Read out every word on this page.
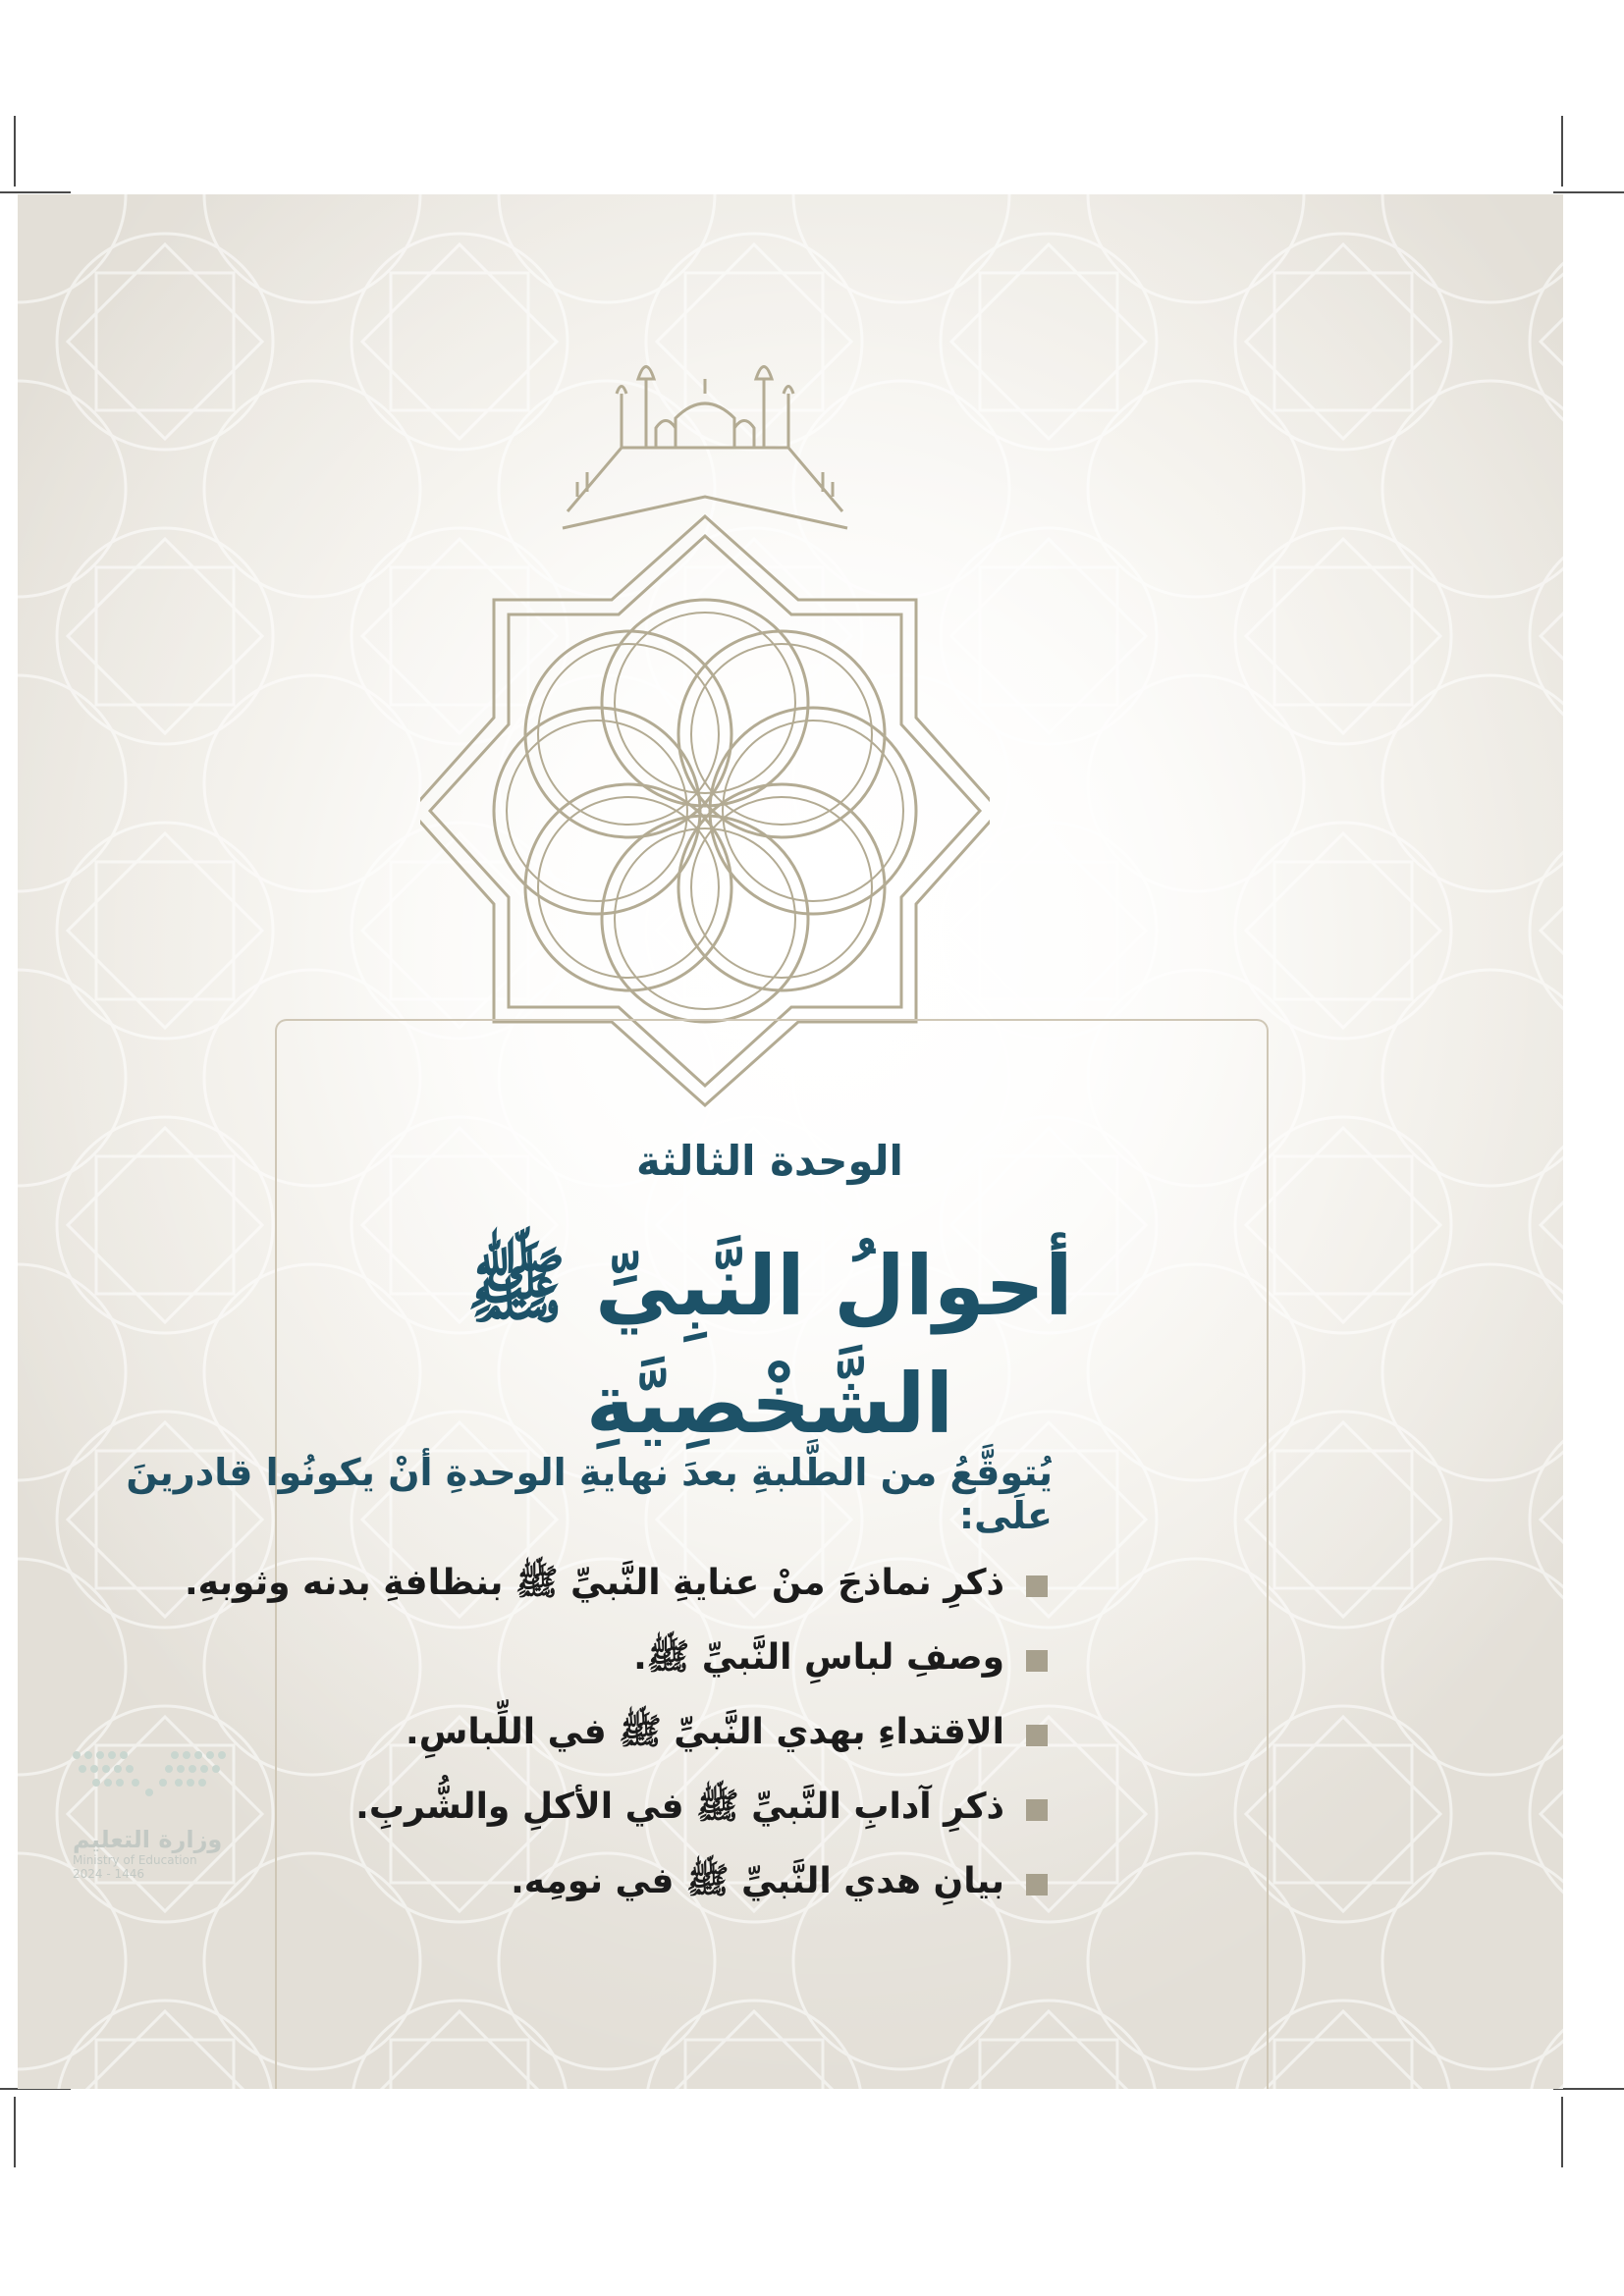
الوحدة الثالثة
أحوالُ النَّبِيِّ ﷺ الشَّخْصِيَّةِ
يُتوقَّعُ من الطَّلبةِ بعدَ نهايةِ الوحدةِ أنْ يكونُوا قادرينَ علَى:
ذكرِ نماذجَ منْ عنايةِ النَّبيِّ ﷺ بنظافةِ بدنه وثوبهِ.
وصفِ لباسِ النَّبيِّ ﷺ.
الاقتداءِ بهدي النَّبيِّ ﷺ في اللِّباسِ.
ذكرِ آدابِ النَّبيِّ ﷺ في الأكلِ والشُّربِ.
بيانِ هدي النَّبيِّ ﷺ في نومِه.
وزارة التعليم
Ministry of Education
2024 - 1446
